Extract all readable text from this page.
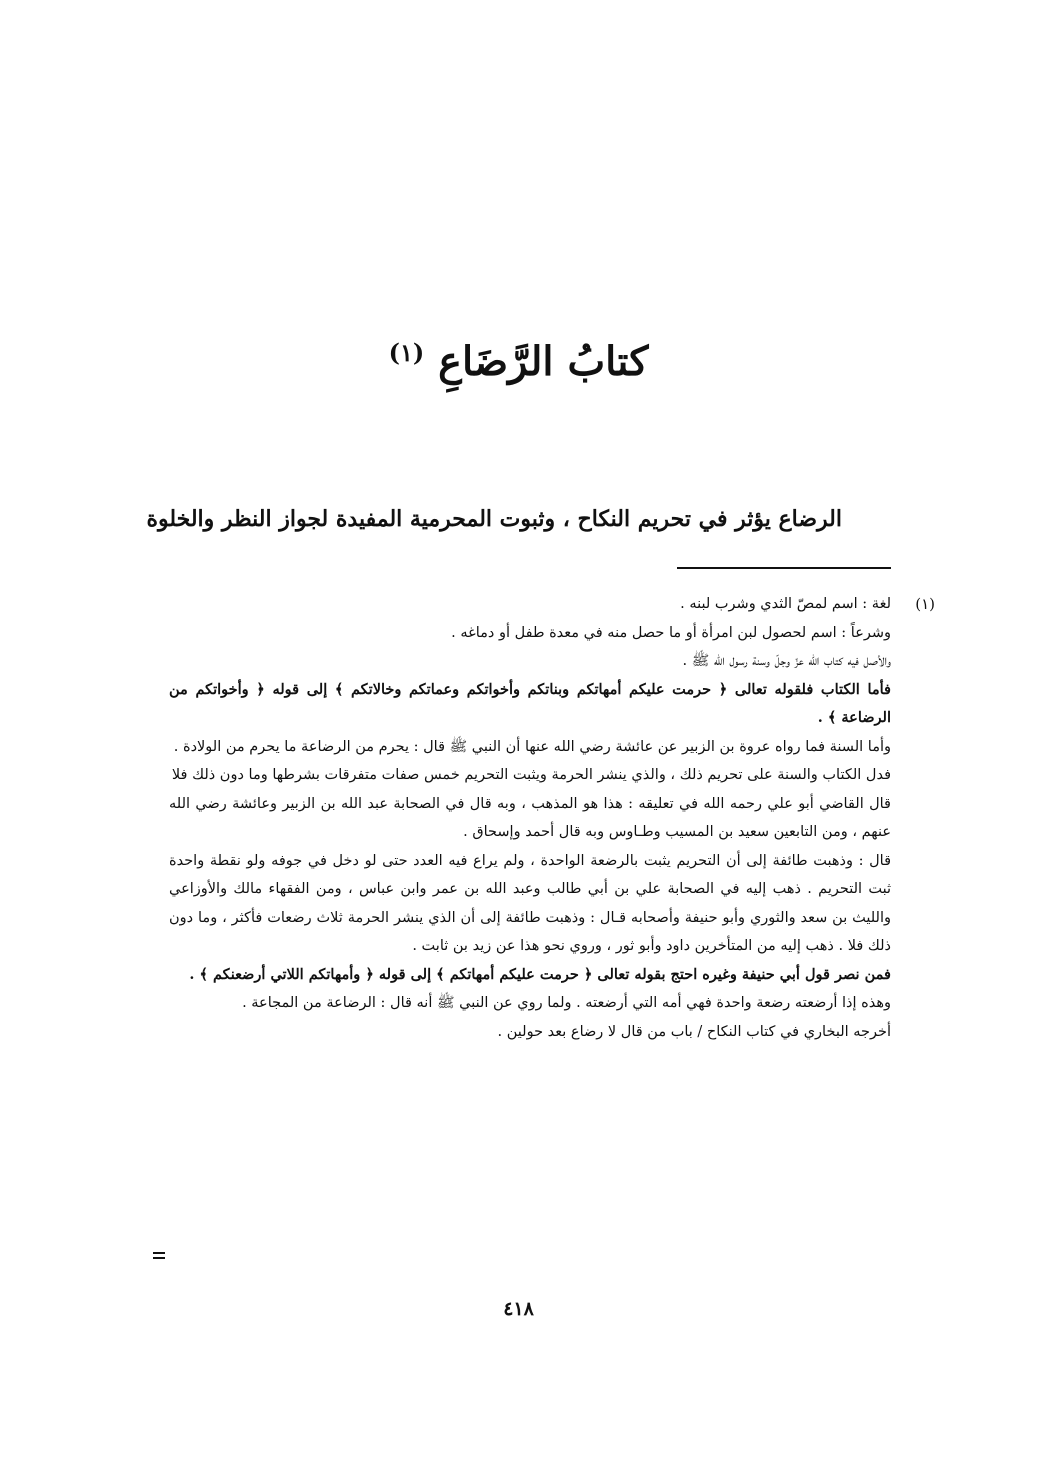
كتابُ الرَّضَاعِ $^{(١)}$
الرضاع يؤثر في تحريم النكاح ، وثبوت المحرمية المفيدة لجواز النظر والخلوة
(١)

لغة : اسم لمصّ الثدي وشرب لبنه .

وشرعاً : اسم لحصول لبن امرأة أو ما حصل منه في معدة طفل أو دماغه .

والأصل فيه كتاب الله عزّ وجلّ وسنة رسول الله ﷺ .

فأما الكتاب فلقوله تعالى ﴿ حرمت عليكم أمهاتكم وبناتكم وأخواتكم وعماتكم وخالاتكم ﴾ إلى قوله ﴿ وأخواتكم من الرضاعة ﴾ .

وأما السنة فما رواه عروة بن الزبير عن عائشة رضي الله عنها أن النبي ﷺ قال : يحرم من الرضاعة ما يحرم من الولادة .

فدل الكتاب والسنة على تحريم ذلك ، والذي ينشر الحرمة ويثبت التحريم خمس صفات متفرقات بشرطها وما دون ذلك فلا

قال القاضي أبو علي رحمه الله في تعليقه : هذا هو المذهب ، وبه قال في الصحابة عبد الله بن الزبير وعائشة رضي الله عنهم ، ومن التابعين سعيد بن المسيب وطـاوس وبه قال أحمد وإسحاق .

قال : وذهبت طائفة إلى أن التحريم يثبت بالرضعة الواحدة ، ولم يراع فيه العدد حتى لو دخل في جوفه ولو نقطة واحدة ثبت التحريم . ذهب إليه في الصحابة علي بن أبي طالب وعبد الله بن عمر وابن عباس ، ومن الفقهاء مالك والأوزاعي والليث بن سعد والثوري وأبو حنيفة وأصحابه قـال : وذهبت طائفة إلى أن الذي ينشر الحرمة ثلاث رضعات فأكثر ، وما دون ذلك فلا . ذهب إليه من المتأخرين داود وأبو ثور ، وروي نحو هذا عن زيد بن ثابت .

فمن نصر قول أبي حنيفة وغيره احتج بقوله تعالى ﴿ حرمت عليكم أمهاتكم ﴾ إلى قوله ﴿ وأمهاتكم اللاتي أرضعنكم ﴾ .

وهذه إذا أرضعته رضعة واحدة فهي أمه التي أرضعته . ولما روي عن النبي ﷺ أنه قال : الرضاعة من المجاعة .

أخرجه البخاري في كتاب النكاح / باب من قال لا رضاع بعد حولين .

٤١٨
